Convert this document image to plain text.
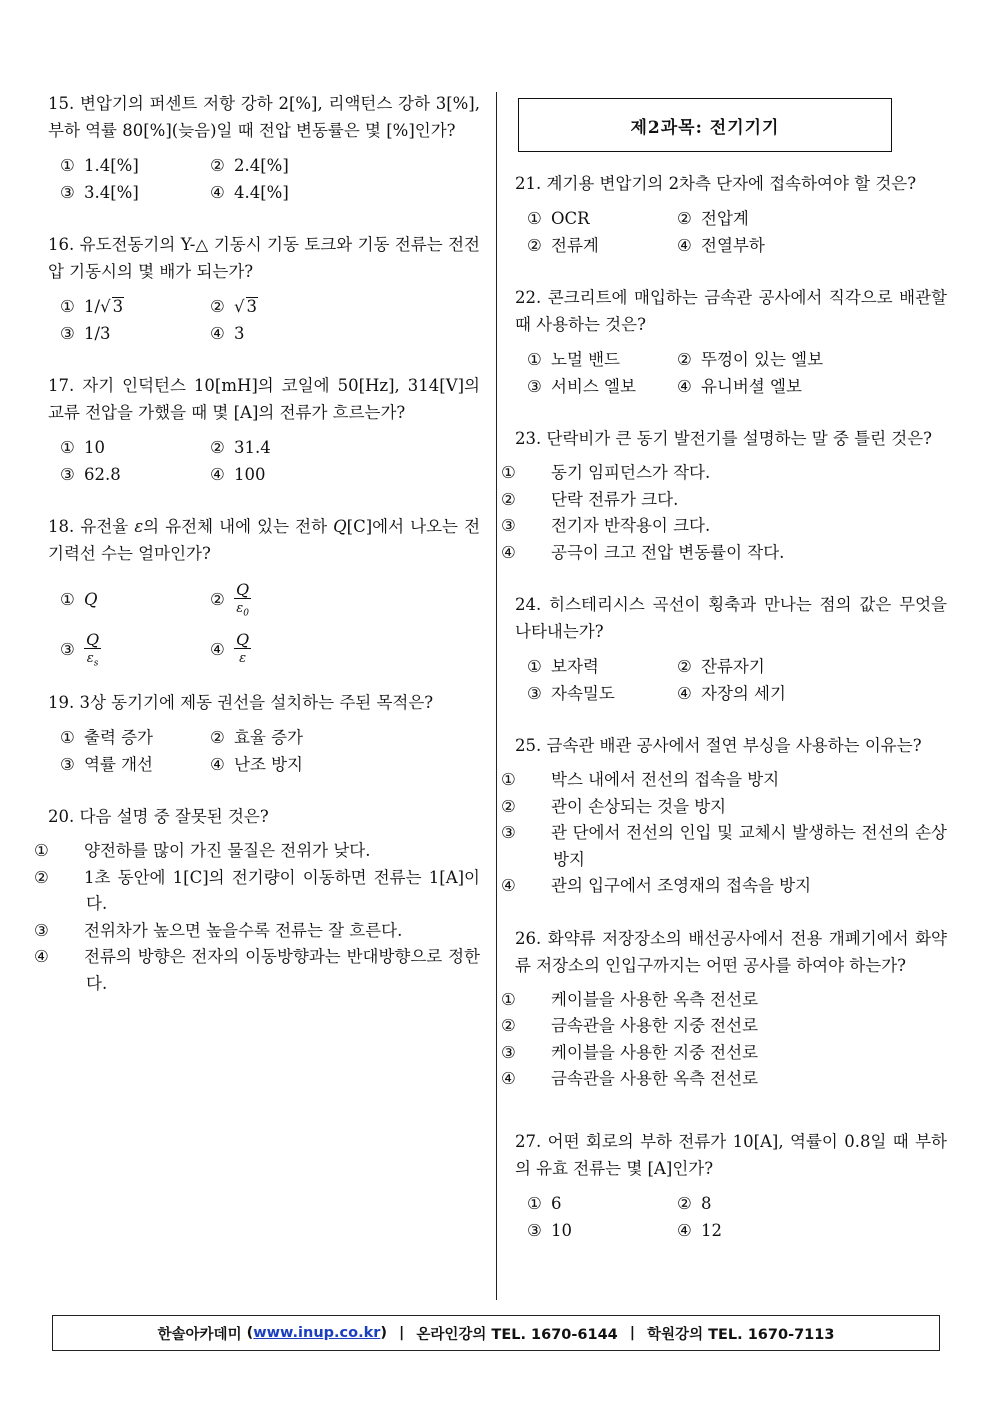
15. 변압기의 퍼센트 저항 강하 2[%], 리액턴스 강하 3[%], 부하 역률 80[%](늦음)일 때 전압 변동률은 몇 [%]인가?

① 1.4[%]	② 2.4[%]
③ 3.4[%]	④ 4.4[%]

16. 유도전동기의 Y-△ 기동시 기동 토크와 기동 전류는 전전압 기동시의 몇 배가 되는가?

① 1/√ 3	② √ 3
③ 1/3	④ 3

17. 자기 인덕턴스 10[mH]의 코일에 50[Hz], 314[V]의 교류 전압을 가했을 때 몇 [A]의 전류가 흐르는가?

① 10	② 31.4
③ 62.8	④ 100

18. 유전율 ε의 유전체 내에 있는 전하 Q[C]에서 나오는 전기력선 수는 얼마인가?

① Q	② $\frac{Q}{\varepsilon_0}$
③ $\frac{Q}{\varepsilon_s}$	④ $\frac{Q}{\varepsilon}$

19. 3상 동기기에 제동 권선을 설치하는 주된 목적은?

① 출력 증가	② 효율 증가
③ 역률 개선	④ 난조 방지

20. 다음 설명 중 잘못된 것은?

① 양전하를 많이 가진 물질은 전위가 낮다.
② 1초 동안에 1[C]의 전기량이 이동하면 전류는 1[A]이다.
③ 전위차가 높으면 높을수록 전류는 잘 흐른다.
④ 전류의 방향은 전자의 이동방향과는 반대방향으로 정한다.
제2과목: 전기기기

21. 계기용 변압기의 2차측 단자에 접속하여야 할 것은?

① OCR	② 전압계
② 전류계	④ 전열부하

22. 콘크리트에 매입하는 금속관 공사에서 직각으로 배관할 때 사용하는 것은?

① 노멀 밴드	② 뚜껑이 있는 엘보
③ 서비스 엘보	④ 유니버셜 엘보

23. 단락비가 큰 동기 발전기를 설명하는 말 중 틀린 것은?

① 동기 임피던스가 작다.
② 단락 전류가 크다.
③ 전기자 반작용이 크다.
④ 공극이 크고 전압 변동률이 작다.

24. 히스테리시스 곡선이 횡축과 만나는 점의 값은 무엇을 나타내는가?

① 보자력	② 잔류자기
③ 자속밀도	④ 자장의 세기

25. 금속관 배관 공사에서 절연 부싱을 사용하는 이유는?

① 박스 내에서 전선의 접속을 방지
② 관이 손상되는 것을 방지
③ 관 단에서 전선의 인입 및 교체시 발생하는 전선의 손상 방지
④ 관의 입구에서 조영재의 접속을 방지

26. 화약류 저장장소의 배선공사에서 전용 개폐기에서 화약류 저장소의 인입구까지는 어떤 공사를 하여야 하는가?

① 케이블을 사용한 옥측 전선로
② 금속관을 사용한 지중 전선로
③ 케이블을 사용한 지중 전선로
④ 금속관을 사용한 옥측 전선로

27. 어떤 회로의 부하 전류가 10[A], 역률이 0.8일 때 부하의 유효 전류는 몇 [A]인가?

① 6	② 8
③ 10	④ 12
한솔아카데미 ( www.inup.co.kr ) | 온라인강의 TEL. 1670-6144 | 학원강의 TEL. 1670-7113
